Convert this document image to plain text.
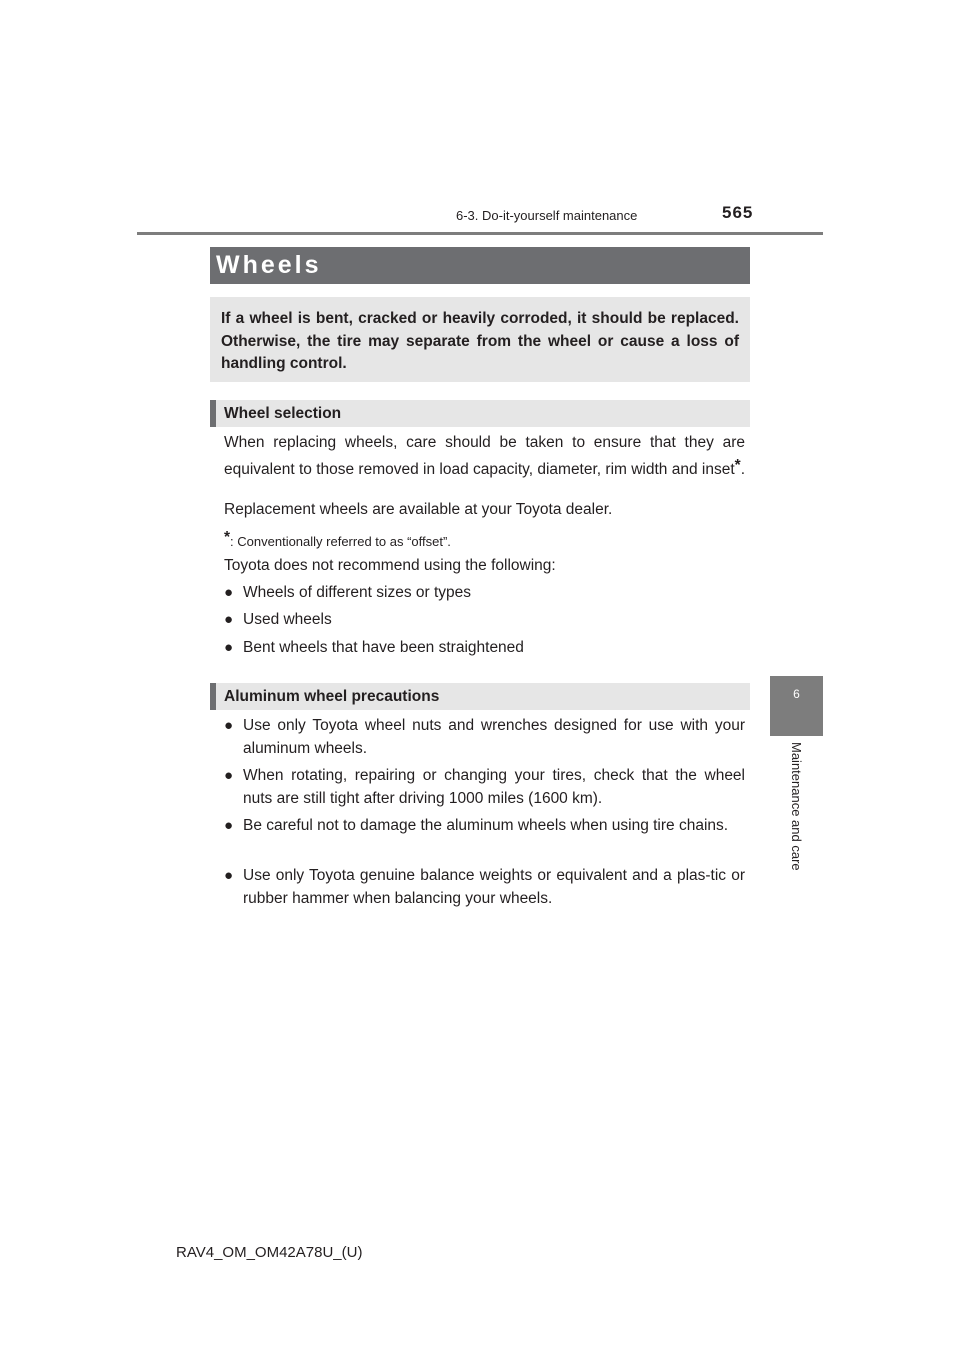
6-3. Do-it-yourself maintenance	565
6
Maintenance and care
Wheels
If a wheel is bent, cracked or heavily corroded, it should be replaced. Otherwise, the tire may separate from the wheel or cause a loss of handling control.
Wheel selection
When replacing wheels, care should be taken to ensure that they are equivalent to those removed in load capacity, diameter, rim width and inset*.
Replacement wheels are available at your Toyota dealer.
*: Conventionally referred to as “offset”.
Toyota does not recommend using the following:
● Wheels of different sizes or types
● Used wheels
● Bent wheels that have been straightened
Aluminum wheel precautions
● Use only Toyota wheel nuts and wrenches designed for use with your aluminum wheels.
● When rotating, repairing or changing your tires, check that the wheel nuts are still tight after driving 1000 miles (1600 km).
● Be careful not to damage the aluminum wheels when using tire chains.
● Use only Toyota genuine balance weights or equivalent and a plas-tic or rubber hammer when balancing your wheels.
RAV4_OM_OM42A78U_(U)
